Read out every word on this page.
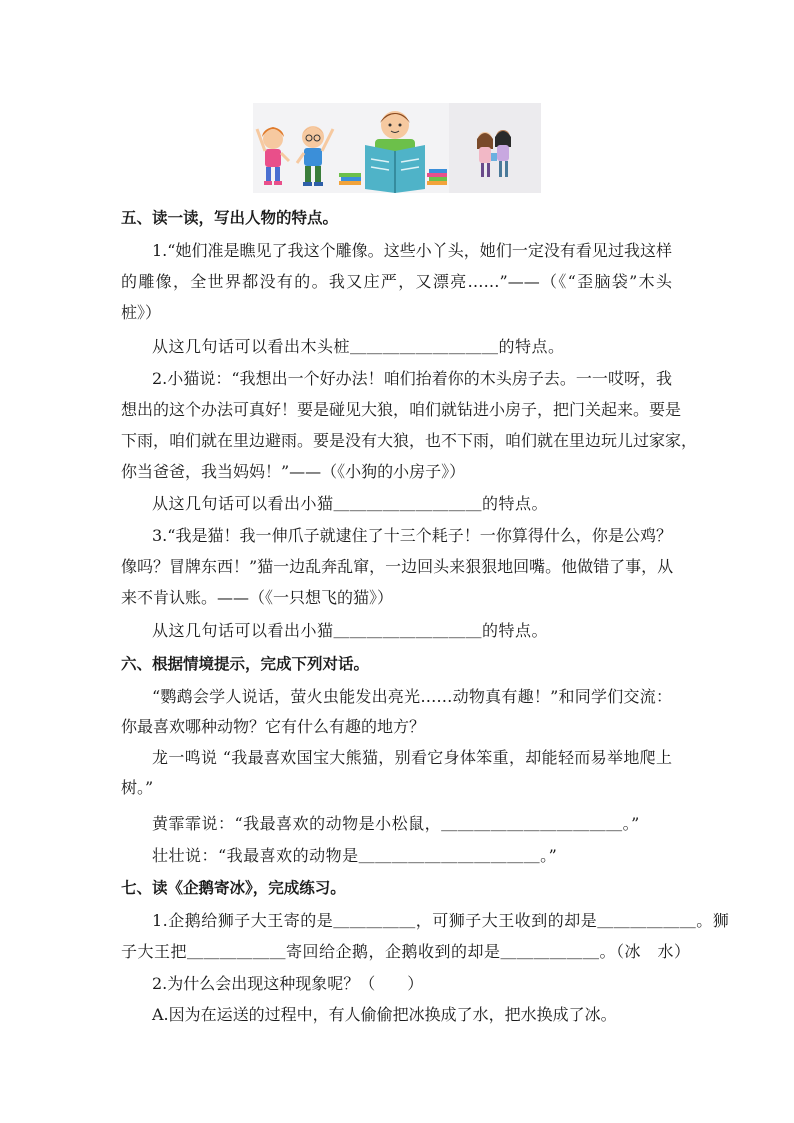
五、读一读，写出人物的特点。
1.“她们准是瞧见了我这个雕像。这些小丫头，她们一定没有看见过我这样
的雕像，全世界都没有的。我又庄严，又漂亮……”——（《“歪脑袋”木头
桩》）
从这几句话可以看出木头桩＿＿＿＿＿＿＿＿＿的特点。
2.小猫说：“我想出一个好办法！咱们抬着你的木头房子去。一一哎呀，我
想出的这个办法可真好！要是碰见大狼，咱们就钻进小房子，把门关起来。要是
下雨，咱们就在里边避雨。要是没有大狼，也不下雨，咱们就在里边玩儿过家家，
你当爸爸，我当妈妈！”——（《小狗的小房子》）
从这几句话可以看出小猫＿＿＿＿＿＿＿＿＿的特点。
3.“我是猫！我一伸爪子就逮住了十三个耗子！一你算得什么，你是公鸡？
像吗？冒牌东西！”猫一边乱奔乱窜，一边回头来狠狠地回嘴。他做错了事，从
来不肯认账。——（《一只想飞的猫》）
从这几句话可以看出小猫＿＿＿＿＿＿＿＿＿的特点。
六、根据情境提示，完成下列对话。
“鹦鹉会学人说话，萤火虫能发出亮光……动物真有趣！”和同学们交流：
你最喜欢哪种动物？它有什么有趣的地方？
龙一鸣说 “我最喜欢国宝大熊猫，别看它身体笨重，却能轻而易举地爬上
树。”
黄霏霏说：“我最喜欢的动物是小松鼠，＿＿＿＿＿＿＿＿＿＿＿。”
壮壮说：“我最喜欢的动物是＿＿＿＿＿＿＿＿＿＿＿。”
七、读《企鹅寄冰》，完成练习。
1.企鹅给狮子大王寄的是＿＿＿＿＿，可狮子大王收到的却是＿＿＿＿＿＿。狮
子大王把＿＿＿＿＿＿寄回给企鹅，企鹅收到的却是＿＿＿＿＿＿。（冰　水）
2.为什么会出现这种现象呢？（　　）
A.因为在运送的过程中，有人偷偷把冰换成了水，把水换成了冰。
